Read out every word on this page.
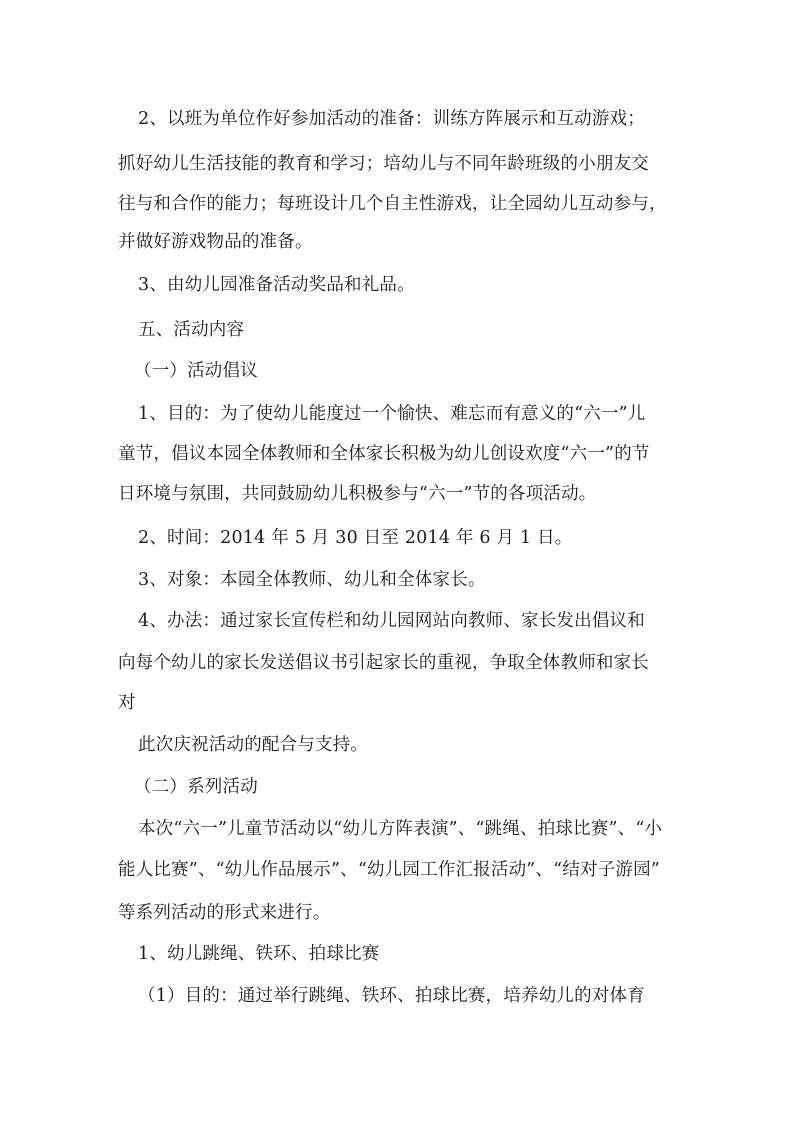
2、以班为单位作好参加活动的准备：训练方阵展示和互动游戏；
抓好幼儿生活技能的教育和学习；培幼儿与不同年龄班级的小朋友交
往与和合作的能力；每班设计几个自主性游戏，让全园幼儿互动参与，
并做好游戏物品的准备。
3、由幼儿园准备活动奖品和礼品。
五、活动内容
（一）活动倡议
1、目的：为了使幼儿能度过一个愉快、难忘而有意义的“六一”儿
童节，倡议本园全体教师和全体家长积极为幼儿创设欢度“六一”的节
日环境与氛围，共同鼓励幼儿积极参与“六一”节的各项活动。
2、时间：2014 年 5 月 30 日至 2014 年 6 月 1 日。
3、对象：本园全体教师、幼儿和全体家长。
4、办法：通过家长宣传栏和幼儿园网站向教师、家长发出倡议和
向每个幼儿的家长发送倡议书引起家长的重视，争取全体教师和家长
对
此次庆祝活动的配合与支持。
（二）系列活动
本次“六一”儿童节活动以“幼儿方阵表演”、“跳绳、拍球比赛”、“小
能人比赛”、“幼儿作品展示”、“幼儿园工作汇报活动”、“结对子游园”
等系列活动的形式来进行。
1、幼儿跳绳、铁环、拍球比赛
（1）目的：通过举行跳绳、铁环、拍球比赛，培养幼儿的对体育
